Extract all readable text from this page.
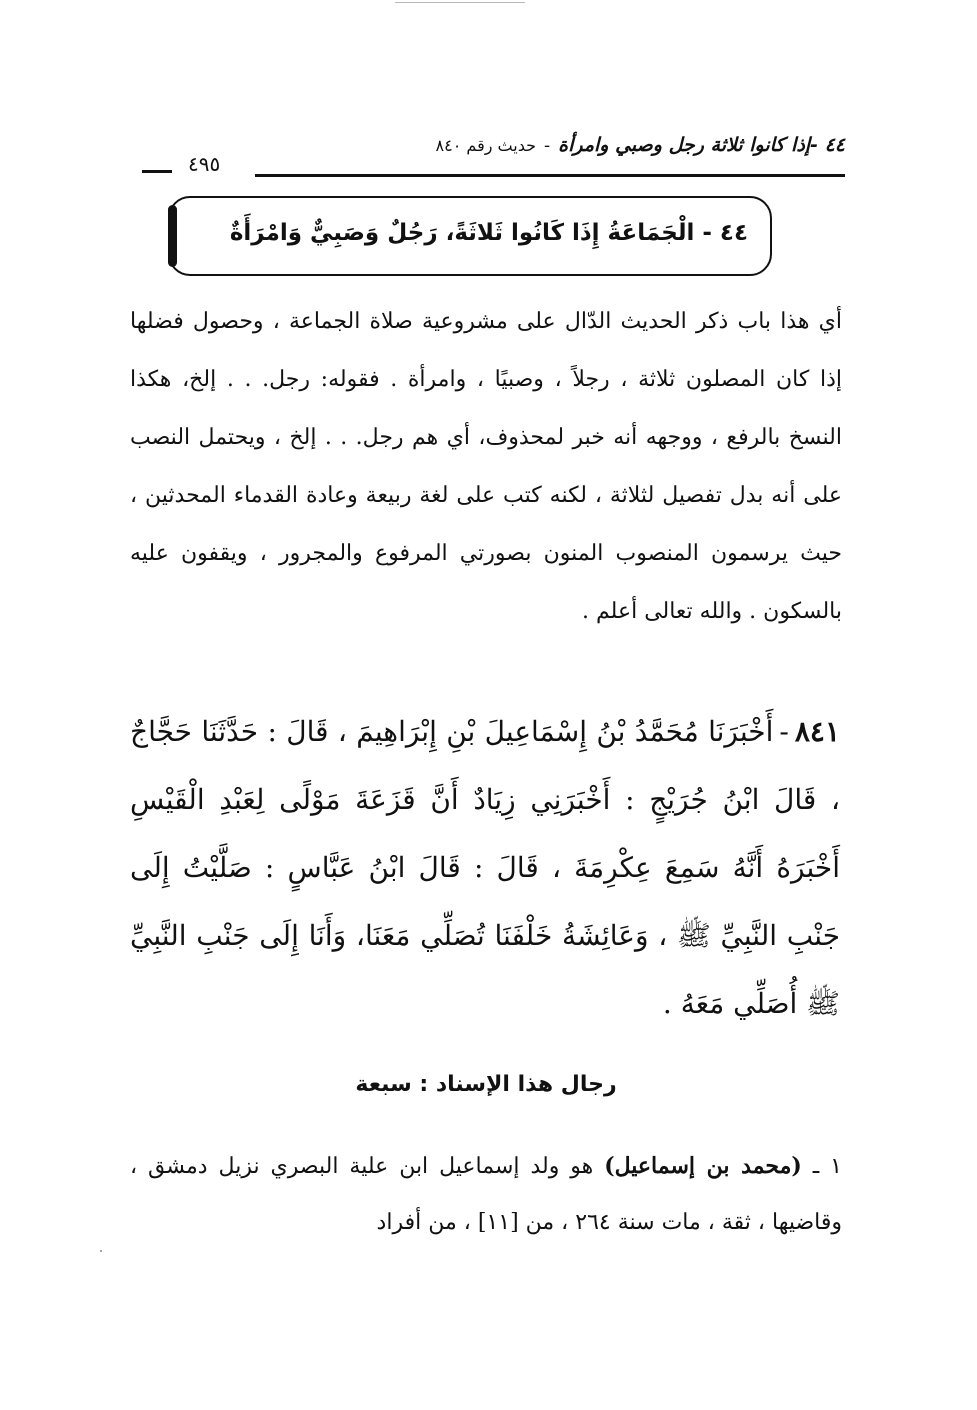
٤٤ -إذا كانوا ثلاثة رجل وصبي وامرأة-حديث رقم ٨٤٠
٤٩٥
٤٤ - الْجَمَاعَةُ إِذَا كَانُوا ثَلاثَةً، رَجُلٌ وَصَبِيٌّ وَامْرَأَةٌ
أي هذا باب ذكر الحديث الدّال على مشروعية صلاة الجماعة ، وحصول فضلها إذا كان المصلون ثلاثة ، رجلاً ، وصبيًا ، وامرأة . فقوله: رجل. . . إلخ، هكذا النسخ بالرفع ، ووجهه أنه خبر لمحذوف، أي هم رجل. . . إلخ ، ويحتمل النصب على أنه بدل تفصيل لثلاثة ، لكنه كتب على لغة ربيعة وعادة القدماء المحدثين ، حيث يرسمون المنصوب المنون بصورتي المرفوع والمجرور ، ويقفون عليه بالسكون . والله تعالى أعلم .
٨٤١-أَخْبَرَنَا مُحَمَّدُ بْنُ إِسْمَاعِيلَ بْنِ إِبْرَاهِيمَ ، قَالَ : حَدَّثَنَا حَجَّاجٌ ، قَالَ ابْنُ جُرَيْجٍ : أَخْبَرَنِي زِيَادٌ أَنَّ قَزَعَةَ مَوْلًى لِعَبْدِ الْقَيْسِ أَخْبَرَهُ أَنَّهُ سَمِعَ عِكْرِمَةَ ، قَالَ : قَالَ ابْنُ عَبَّاسٍ : صَلَّيْتُ إِلَى جَنْبِ النَّبِيِّ ﷺ ، وَعَائِشَةُ خَلْفَنَا تُصَلِّي مَعَنَا، وَأَنَا إِلَى جَنْبِ النَّبِيِّ ﷺ أُصَلِّي مَعَهُ .
رجال هذا الإسناد : سبعة
١ ـ (محمد بن إسماعيل) هو ولد إسماعيل ابن علية البصري نزيل دمشق ، وقاضيها ، ثقة ، مات سنة ٢٦٤ ، من [١١] ، من أفراد
